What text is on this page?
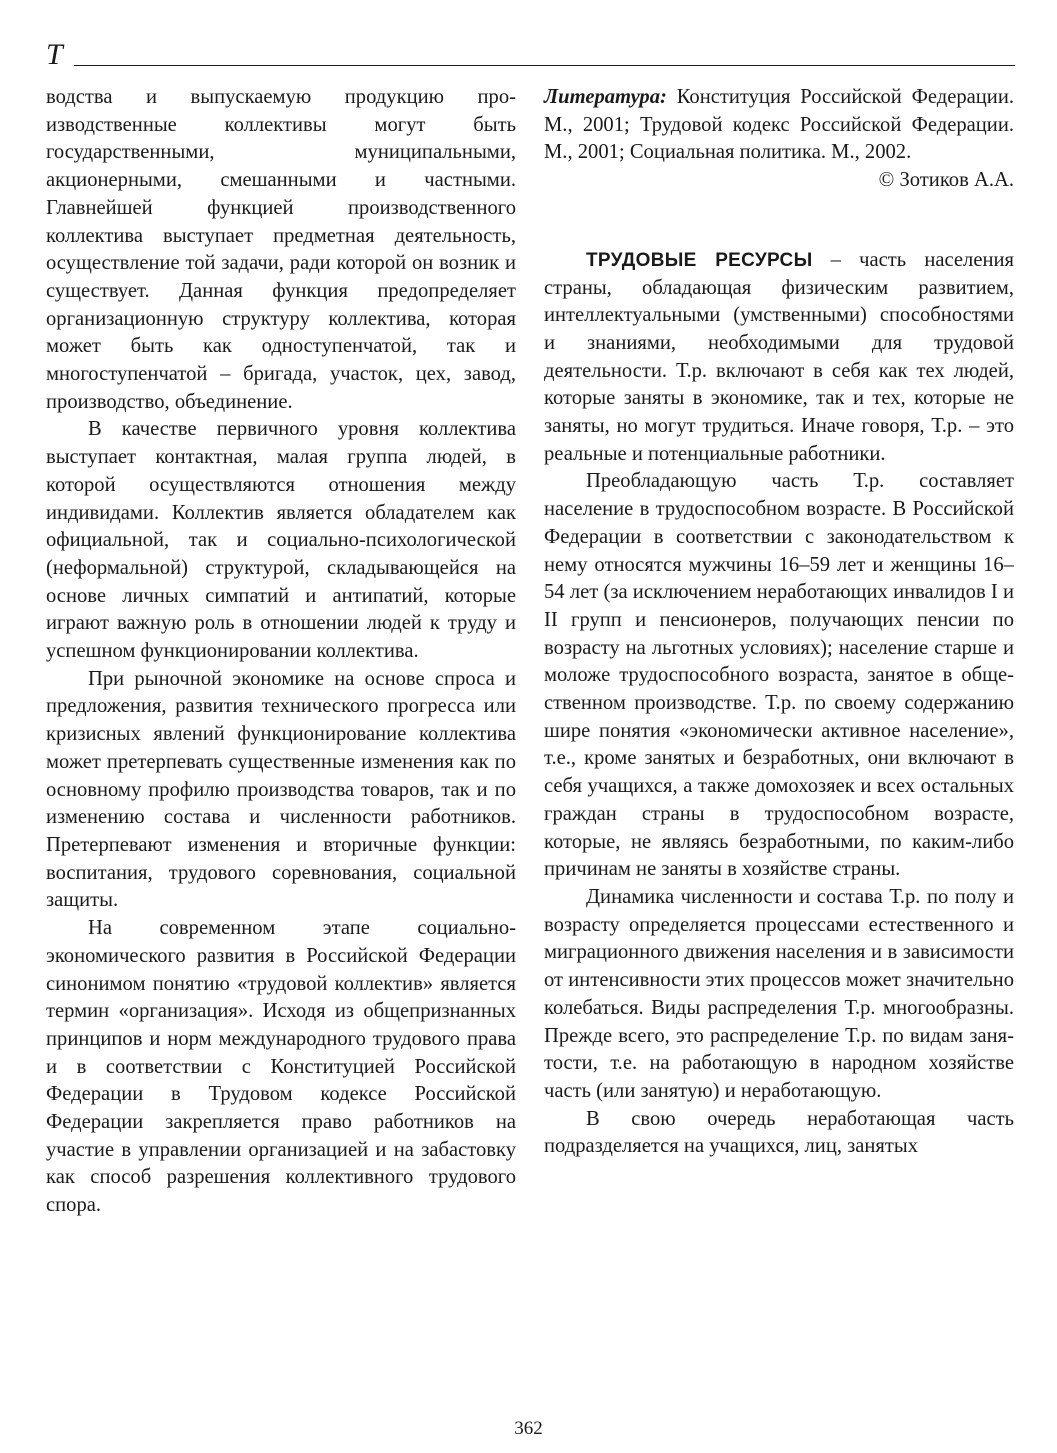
Т

водства и выпускаемую продукцию производственные коллективы могут быть государственными, муниципальными, акционерными, смешанными и частными. Главнейшей функцией производственного коллектива выступает предметная деятельность, осуществление той задачи, ради которой он возник и существует. Данная функция предопределяет организационную структуру коллектива, которая может быть как одноступенчатой, так и многоступенчатой – бригада, участок, цех, завод, производство, объединение.

В качестве первичного уровня коллектива выступает контактная, малая группа людей, в которой осуществляются отношения между индивидами. Коллектив является обладателем как официальной, так и социально-психологической (неформальной) структурой, складывающейся на основе личных симпатий и антипатий, которые играют важную роль в отношении людей к труду и успешном функционировании коллектива.

При рыночной экономике на основе спроса и предложения, развития технического прогресса или кризисных явлений функционирование коллектива может претерпевать существенные изменения как по основному профилю производства товаров, так и по изменению состава и численности работников. Претерпевают изменения и вторичные функции: воспитания, трудового соревнования, социальной защиты.

На современном этапе социально-экономического развития в Российской Федерации синонимом понятию «трудовой коллектив» является термин «организация». Исходя из общепризнанных принципов и норм международного трудового права и в соответствии с Конституцией Российской Федерации в Трудовом кодексе Российской Федерации закрепляется право работников на участие в управлении организацией и на забастовку как способ разрешения коллективного трудового спора.

Литература: Конституция Российской Федерации. М., 2001; Трудовой кодекс Российской Федерации. М., 2001; Социальная политика. М., 2002.

© Зотиков А.А.

ТРУДОВЫЕ РЕСУРСЫ – часть населения страны, обладающая физическим развитием, интеллектуальными (умственными) способностями и знаниями, необходимыми для трудовой деятельности. Т.р. включают в себя как тех людей, которые заняты в экономике, так и тех, которые не заняты, но могут трудиться. Иначе говоря, Т.р. – это реальные и потенциальные работники.

Преобладающую часть Т.р. составляет население в трудоспособном возрасте. В Российской Федерации в соответствии с законодательством к нему относятся мужчины 16–59 лет и женщины 16–54 лет (за исключением неработающих инвалидов I и II групп и пенсионеров, получающих пенсии по возрасту на льготных условиях); население старше и моложе трудоспособного возраста, занятое в общественном производстве. Т.р. по своему содержанию шире понятия «экономически активное население», т.е., кроме занятых и безработных, они включают в себя учащихся, а также домохозяек и всех остальных граждан страны в трудоспособном возрасте, которые, не являясь безработными, по каким-либо причинам не заняты в хозяйстве страны.

Динамика численности и состава Т.р. по полу и возрасту определяется процессами естественного и миграционного движения населения и в зависимости от интенсивности этих процессов может значительно колебаться. Виды распределения Т.р. многообразны. Прежде всего, это распределение Т.р. по видам занятости, т.е. на работающую в народном хозяйстве часть (или занятую) и неработающую.

В свою очередь неработающая часть подразделяется на учащихся, лиц, занятых

362
